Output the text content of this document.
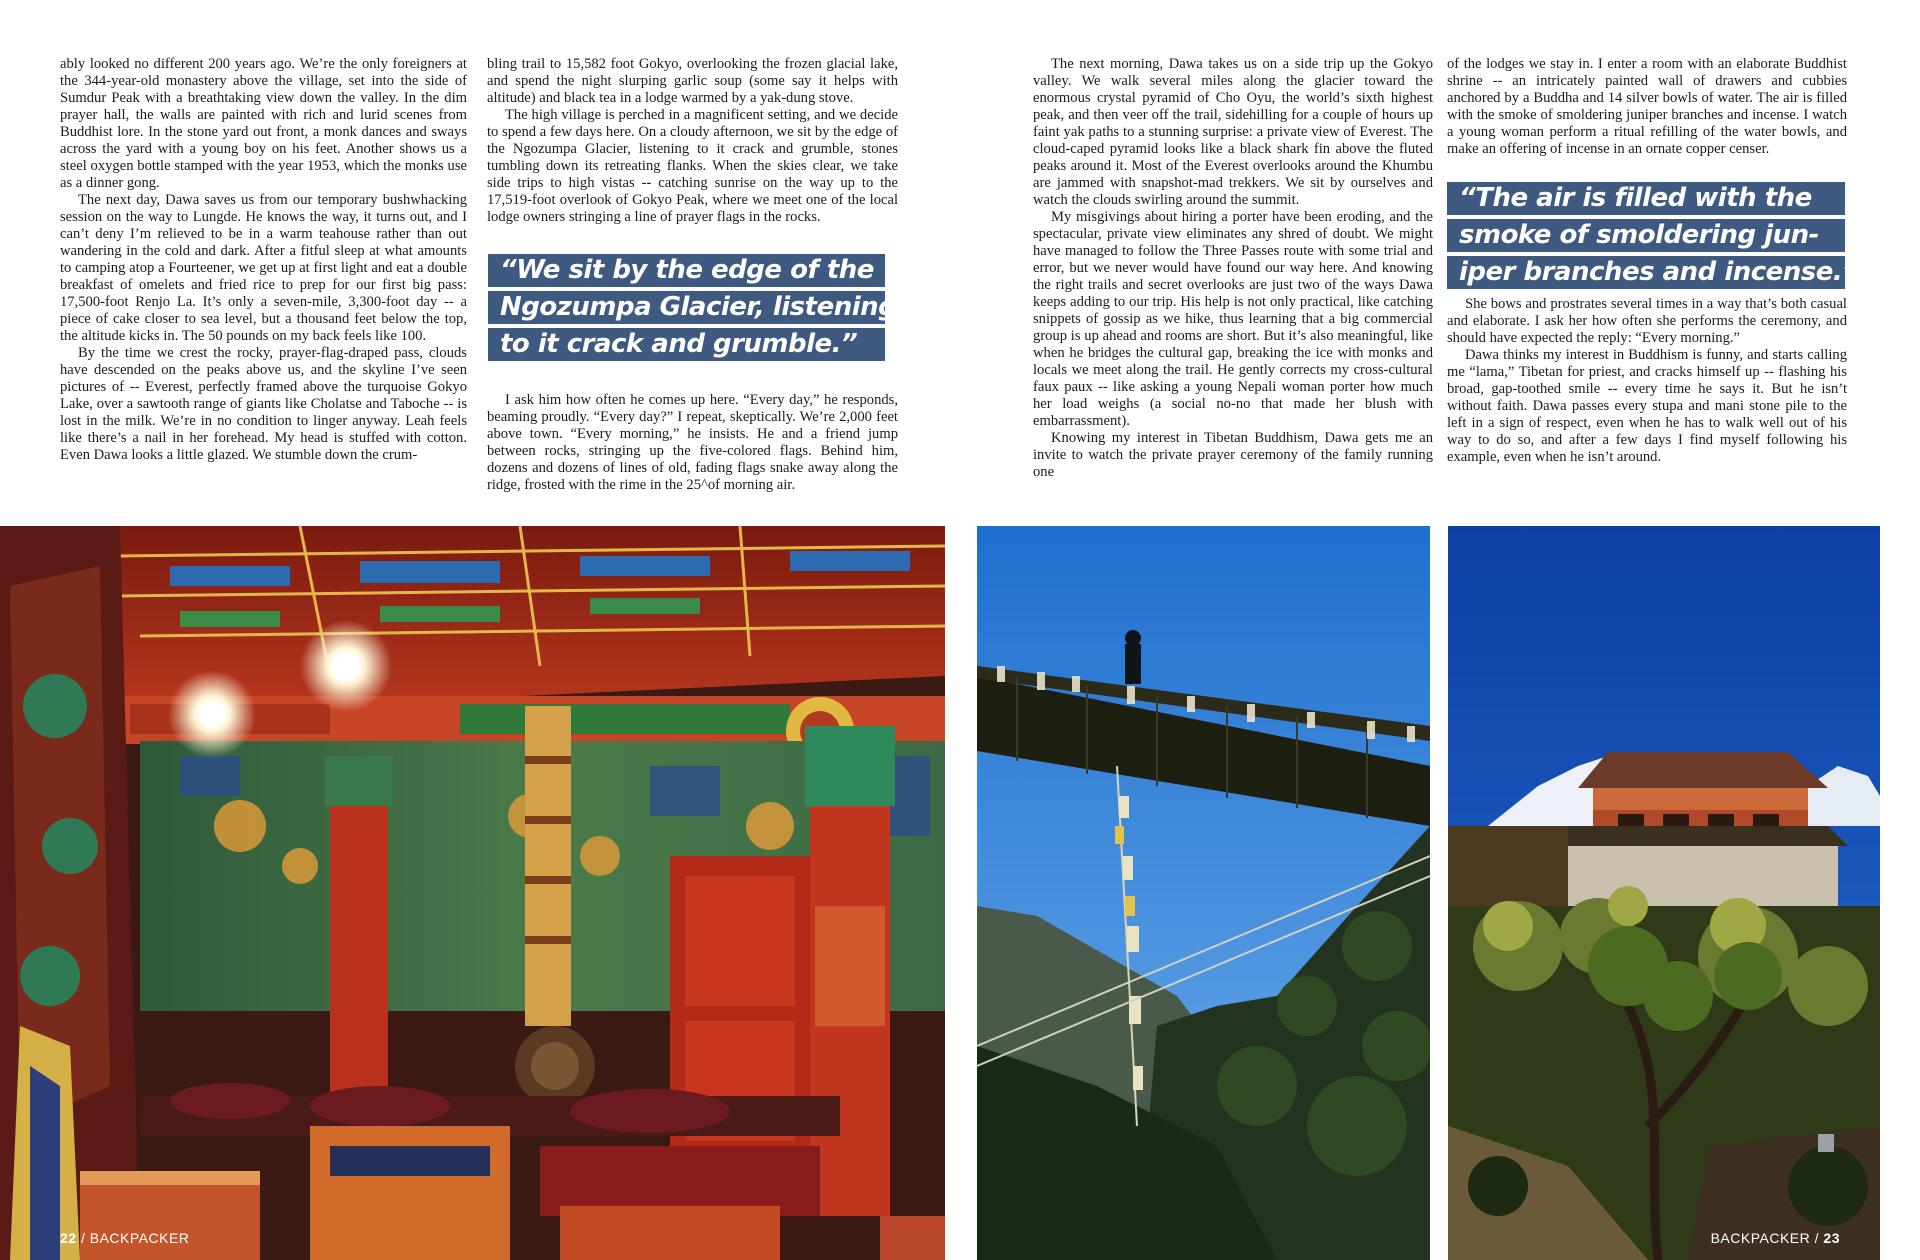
ably looked no different 200 years ago. We’re the only foreigners at the 344-year-old monastery above the village, set into the side of Sumdur Peak with a breathtaking view down the valley. In the dim prayer hall, the walls are painted with rich and lurid scenes from Buddhist lore. In the stone yard out front, a monk dances and sways across the yard with a young boy on his feet. Another shows us a steel oxygen bottle stamped with the year 1953, which the monks use as a dinner gong.

The next day, Dawa saves us from our temporary bushwhacking session on the way to Lungde. He knows the way, it turns out, and I can’t deny I’m relieved to be in a warm teahouse rather than out wandering in the cold and dark. After a fitful sleep at what amounts to camping atop a Fourteener, we get up at first light and eat a double breakfast of omelets and fried rice to prep for our first big pass: 17,500-foot Renjo La. It’s only a seven-mile, 3,300-foot day -- a piece of cake closer to sea level, but a thousand feet below the top, the altitude kicks in. The 50 pounds on my back feels like 100.

By the time we crest the rocky, prayer-flag-draped pass, clouds have descended on the peaks above us, and the skyline I’ve seen pictures of -- Everest, perfectly framed above the turquoise Gokyo Lake, over a sawtooth range of giants like Cholatse and Taboche -- is lost in the milk. We’re in no condition to linger anyway. Leah feels like there’s a nail in her forehead. My head is stuffed with cotton. Even Dawa looks a little glazed. We stumble down the crum-

bling trail to 15,582 foot Gokyo, overlooking the frozen glacial lake, and spend the night slurping garlic soup (some say it helps with altitude) and black tea in a lodge warmed by a yak-dung stove.

The high village is perched in a magnificent setting, and we decide to spend a few days here. On a cloudy afternoon, we sit by the edge of the Ngozumpa Glacier, listening to it crack and grumble, stones tumbling down its retreating flanks. When the skies clear, we take side trips to high vistas -- catching sunrise on the way up to the 17,519-foot overlook of Gokyo Peak, where we meet one of the local lodge owners stringing a line of prayer flags in the rocks.

I ask him how often he comes up here. “Every day,” he responds, beaming proudly. “Every day?” I repeat, skeptically. We’re 2,000 feet above town. “Every morning,” he insists. He and a friend jump between rocks, stringing up the five-colored flags. Behind him, dozens and dozens of lines of old, fading flags snake away along the ridge, frosted with the rime in the 25^of morning air.

“We sit by the edge of the
Ngozumpa Glacier, listening
to it crack and grumble.”
22 / BACKPACKER

The next morning, Dawa takes us on a side trip up the Gokyo valley. We walk several miles along the glacier toward the enormous crystal pyramid of Cho Oyu, the world’s sixth highest peak, and then veer off the trail, sidehilling for a couple of hours up faint yak paths to a stunning surprise: a private view of Everest. The cloud-caped pyramid looks like a black shark fin above the fluted peaks around it. Most of the Everest overlooks around the Khumbu are jammed with snapshot-mad trekkers. We sit by ourselves and watch the clouds swirling around the summit.

My misgivings about hiring a porter have been eroding, and the spectacular, private view eliminates any shred of doubt. We might have managed to follow the Three Passes route with some trial and error, but we never would have found our way here. And knowing the right trails and secret overlooks are just two of the ways Dawa keeps adding to our trip. His help is not only practical, like catching snippets of gossip as we hike, thus learning that a big commercial group is up ahead and rooms are short. But it’s also meaningful, like when he bridges the cultural gap, breaking the ice with monks and locals we meet along the trail. He gently corrects my cross-cultural faux paux -- like asking a young Nepali woman porter how much her load weighs (a social no-no that made her blush with embarrassment).

Knowing my interest in Tibetan Buddhism, Dawa gets me an invite to watch the private prayer ceremony of the family running one

of the lodges we stay in. I enter a room with an elaborate Buddhist shrine -- an intricately painted wall of drawers and cubbies anchored by a Buddha and 14 silver bowls of water. The air is filled with the smoke of smoldering juniper branches and incense. I watch a young woman perform a ritual refilling of the water bowls, and make an offering of incense in an ornate copper censer.

She bows and prostrates several times in a way that’s both casual and elaborate. I ask her how often she performs the ceremony, and should have expected the reply: “Every morning.”

Dawa thinks my interest in Buddhism is funny, and starts calling me “lama,” Tibetan for priest, and cracks himself up -- flashing his broad, gap-toothed smile -- every time he says it. But he isn’t without faith. Dawa passes every stupa and mani stone pile to the left in a sign of respect, even when he has to walk well out of his way to do so, and after a few days I find myself following his example, even when he isn’t around.

“The air is filled with the
smoke of smoldering jun-
iper branches and incense.”
BACKPACKER / 23
